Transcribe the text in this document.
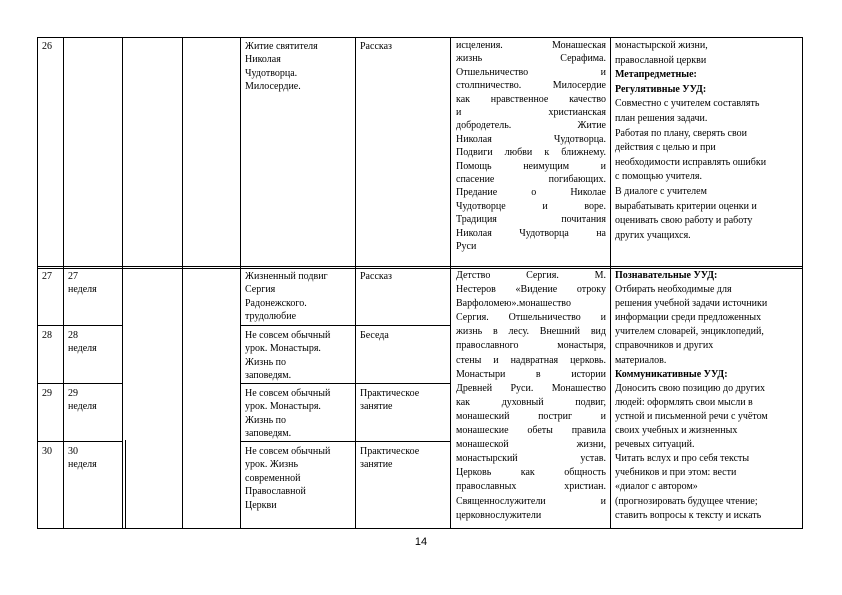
26	Житие святителя
Николая
Чудотворца.
Милосердие.
Рассказ
27 27
неделя
28 28
неделя
29 29
неделя
30 30
неделя
Жизненный подвиг
Сергия
Радонежского.
трудолюбие
Не совсем обычный
урок. Монастыря.
Жизнь по
заповедям.
Не совсем обычный
урок. Монастыря.
Жизнь по
заповедям.
Не совсем обычный
урок. Жизнь
современной
Православной
Церкви
Рассказ
Беседа
Практическое
занятие
Практическое
занятие
исцеления. Монашеская
жизнь Серафима.
Отшельничество и
столпничество. Милосердие
как нравственное качество
и христианская
добродетель. Житие
Николая Чудотворца.
Подвиги любви к ближнему.
Помощь неимущим и
спасение погибающих.
Предание о Николае
Чудотворце и воре.
Традиция почитания
Николая Чудотворца на
Руси
Детство Сергия. М.
Нестеров «Видение отроку
Варфоломею».монашество
Сергия. Отшельничество и
жизнь в лесу. Внешний вид
православного монастыря,
стены и надвратная церковь.
Монастыри в истории
Древней Руси. Монашество
как духовный подвиг,
монашеский постриг и
монашеские обеты правила
монашеской жизни,
монастырский устав.
Церковь как общность
православных христиан.
Священнослужители и
церковнослужители
монастырской жизни,
православной церкви
Метапредметные:
Регулятивные УУД:
Совместно с учителем составлять
план решения задачи.
Работая по плану, сверять свои
действия с целью и при
необходимости исправлять ошибки
с помощью учителя.
В диалоге с учителем
вырабатывать критерии оценки и
оценивать свою работу и работу
других учащихся.
Познавательные УУД:
Отбирать необходимые для
решения учебной задачи источники
информации среди предложенных
учителем словарей, энциклопедий,
справочников и других
материалов.
Коммуникативные УУД:
Доносить свою позицию до других
людей: оформлять свои мысли в
устной и письменной речи с учётом
своих учебных и жизненных
речевых ситуаций.
Читать вслух и про себя тексты
учебников и при этом: вести
«диалог с автором»
(прогнозировать будущее чтение;
ставить вопросы к тексту и искать
14
